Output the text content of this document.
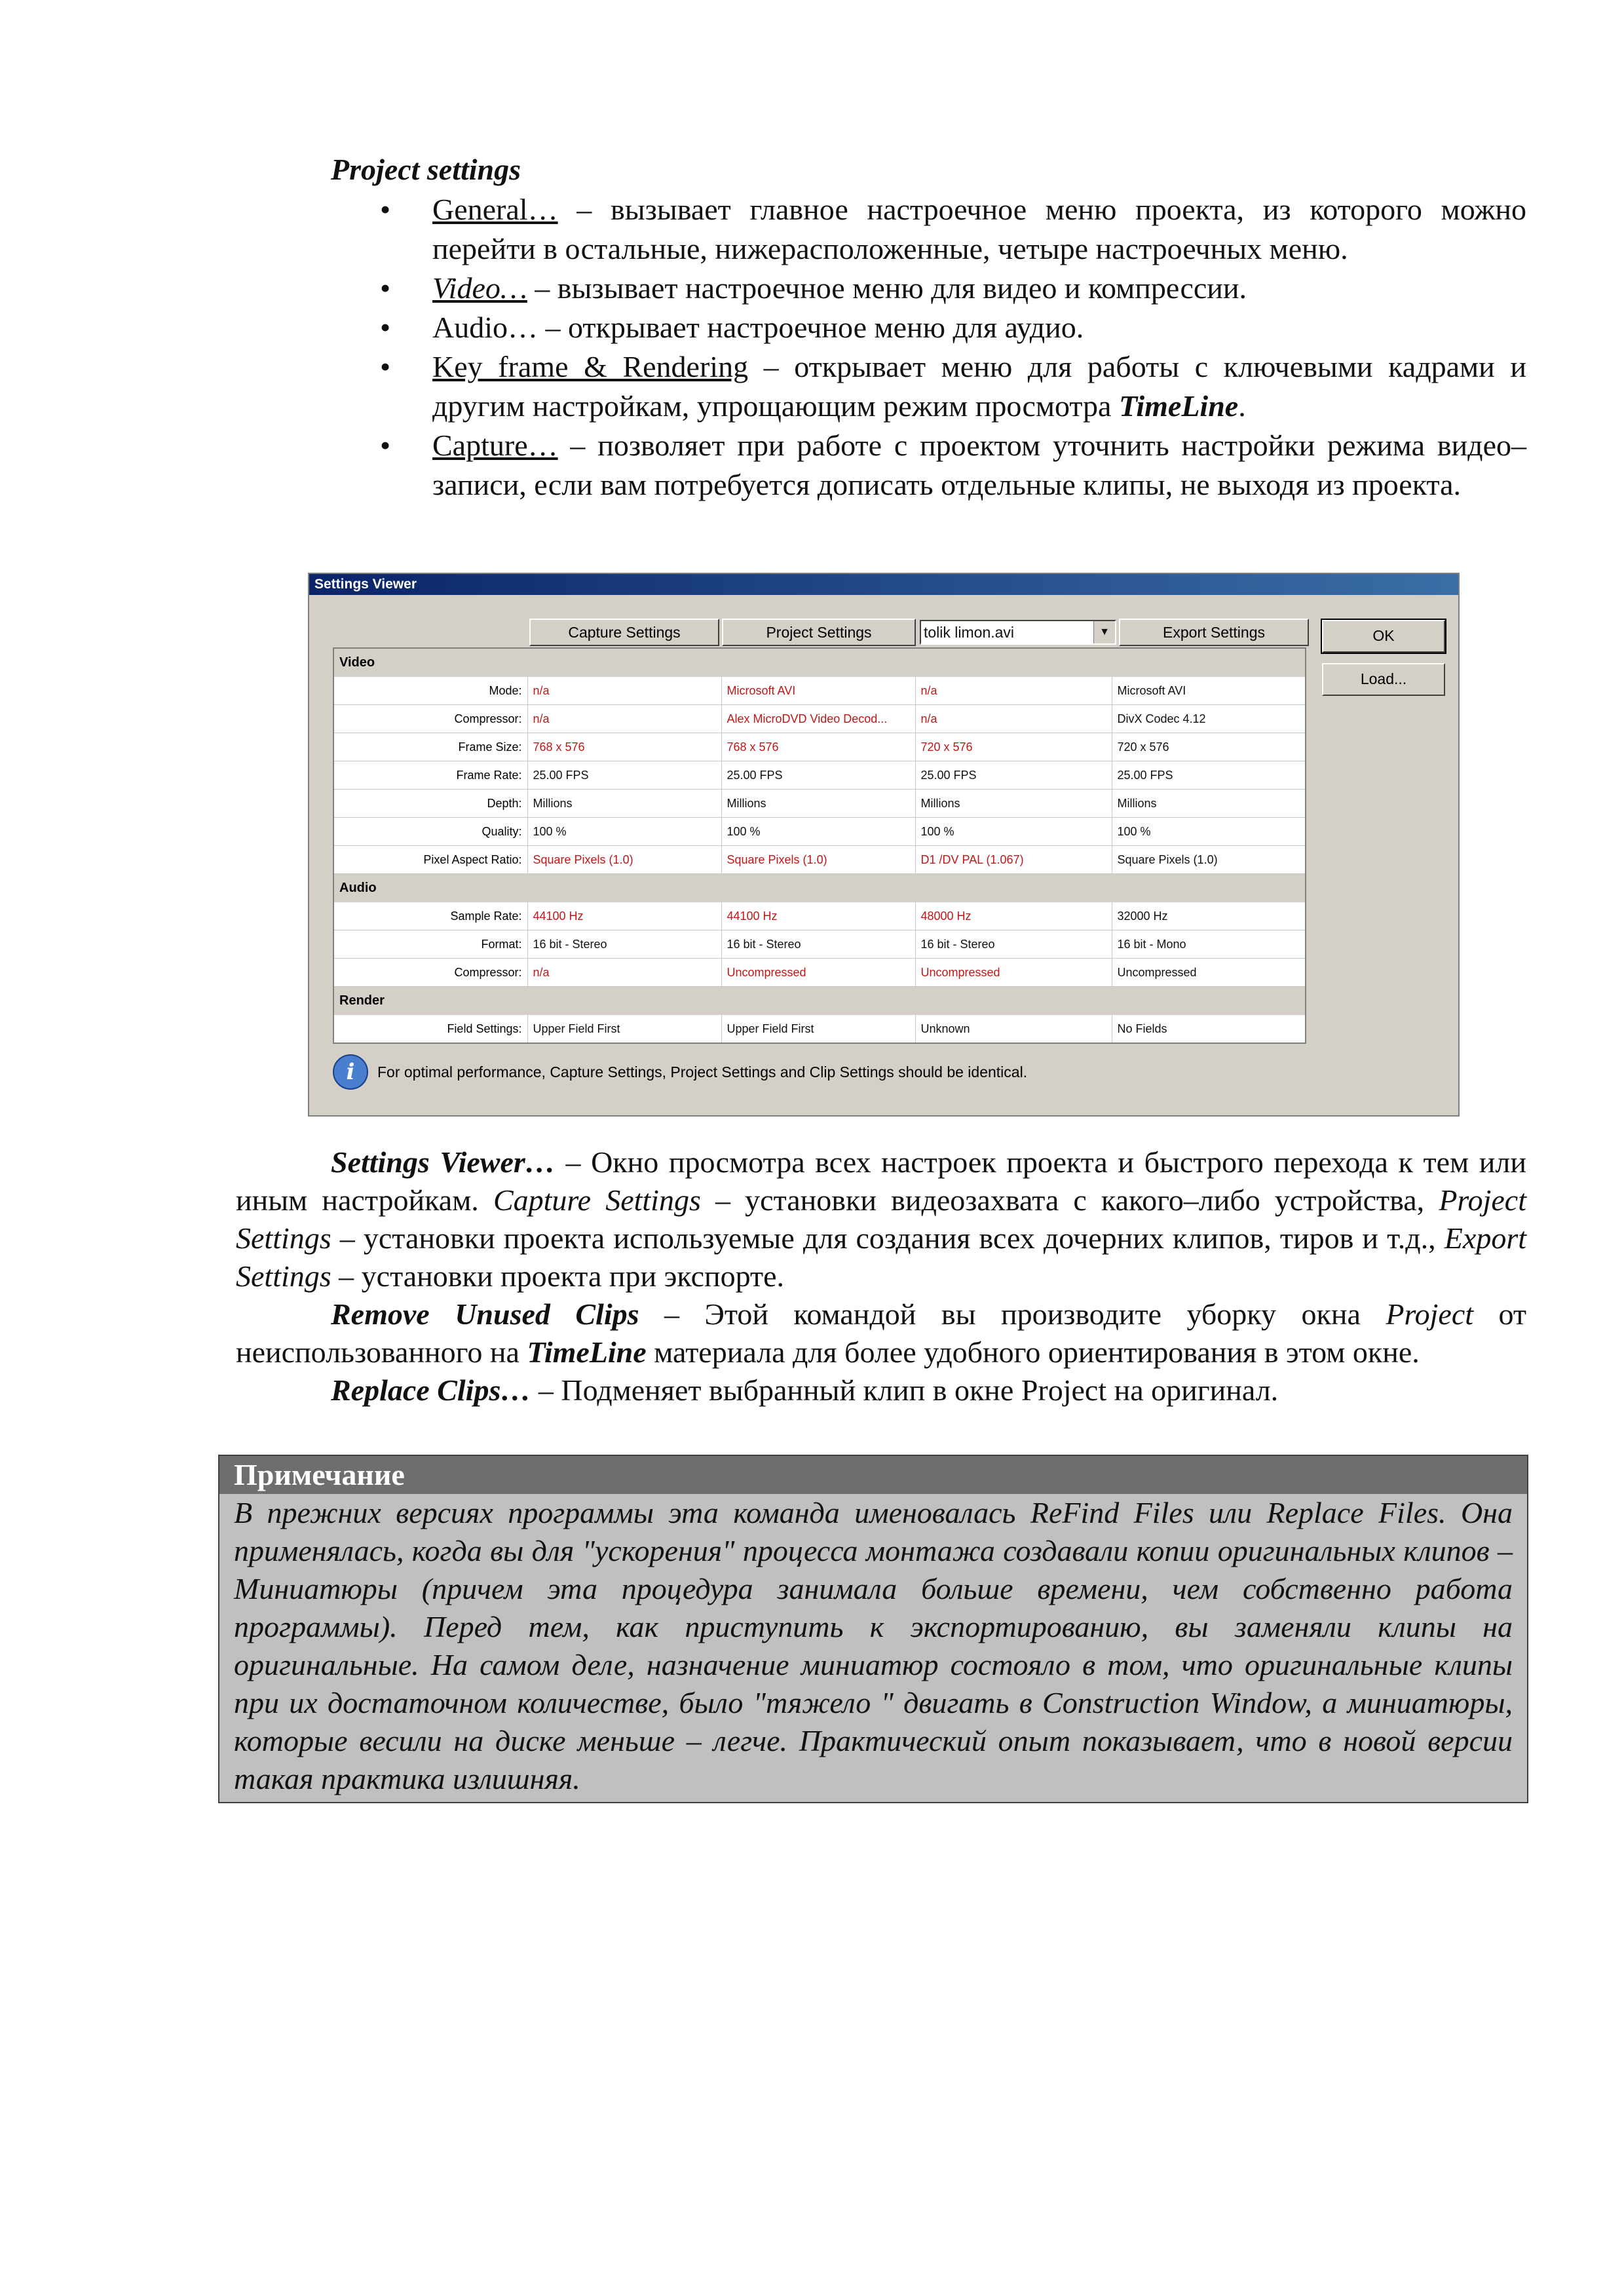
Project settings
• General… – вызывает главное настроечное меню проекта, из которого можно перейти в остальные, нижерасположенные, четыре настроечных меню.
• Video… – вызывает настроечное меню для видео и компрессии.
• Audio… – открывает настроечное меню для аудио.
• Key frame & Rendering – открывает меню для работы с ключевыми кадрами и другим настройкам, упрощающим режим просмотра TimeLine.
• Capture… – позволяет при работе с проектом уточнить настройки режима видео– записи, если вам потребуется дописать отдельные клипы, не выходя из проекта.
Settings Viewer
Capture Settings	Project Settings	tolik limon.avi	▼	Export Settings	OK
Load...
Video				
Mode:	n/a	Microsoft AVI	n/a	Microsoft AVI
Compressor:	n/a	Alex MicroDVD Video Decod...	n/a	DivX Codec 4.12
Frame Size:	768 x 576	768 x 576	720 x 576	720 x 576
Frame Rate:	25.00 FPS	25.00 FPS	25.00 FPS	25.00 FPS
Depth:	Millions	Millions	Millions	Millions
Quality:	100 %	100 %	100 %	100 %
Pixel Aspect Ratio:	Square Pixels (1.0)	Square Pixels (1.0)	D1 /DV PAL (1.067)	Square Pixels (1.0)
Audio				
Sample Rate:	44100 Hz	44100 Hz	48000 Hz	32000 Hz
Format:	16 bit - Stereo	16 bit - Stereo	16 bit - Stereo	16 bit - Mono
Compressor:	n/a	Uncompressed	Uncompressed	Uncompressed
Render				
Field Settings:	Upper Field First	Upper Field First	Unknown	No Fields
i	For optimal performance, Capture Settings, Project Settings and Clip Settings should be identical.

Settings Viewer… – Окно просмотра всех настроек проекта и быстрого перехода к тем или иным настройкам. Capture Settings – установки видеозахвата с какого–либо устройства, Project Settings – установки проекта используемые для создания всех дочерних клипов, тиров и т.д., Export Settings – установки проекта при экспорте.

Remove Unused Clips – Этой командой вы производите уборку окна Project от неиспользованного на TimeLine материала для более удобного ориентирования в этом окне.

Replace Clips… – Подменяет выбранный клип в окне Project на оригинал.

Примечание
В прежних версиях программы эта команда именовалась ReFind Files или Replace Files. Она применялась, когда вы для "ускорения" процесса монтажа создавали копии оригинальных клипов – Миниатюры (причем эта процедура занимала больше времени, чем собственно работа программы). Перед тем, как приступить к экспортированию, вы заменяли клипы на оригинальные. На самом деле, назначение миниатюр состояло в том, что оригинальные клипы при их достаточном количестве, было "тяжело " двигать в Construction Window, а миниатюры, которые весили на диске меньше – легче. Практический опыт показывает, что в новой версии такая практика излишняя.
